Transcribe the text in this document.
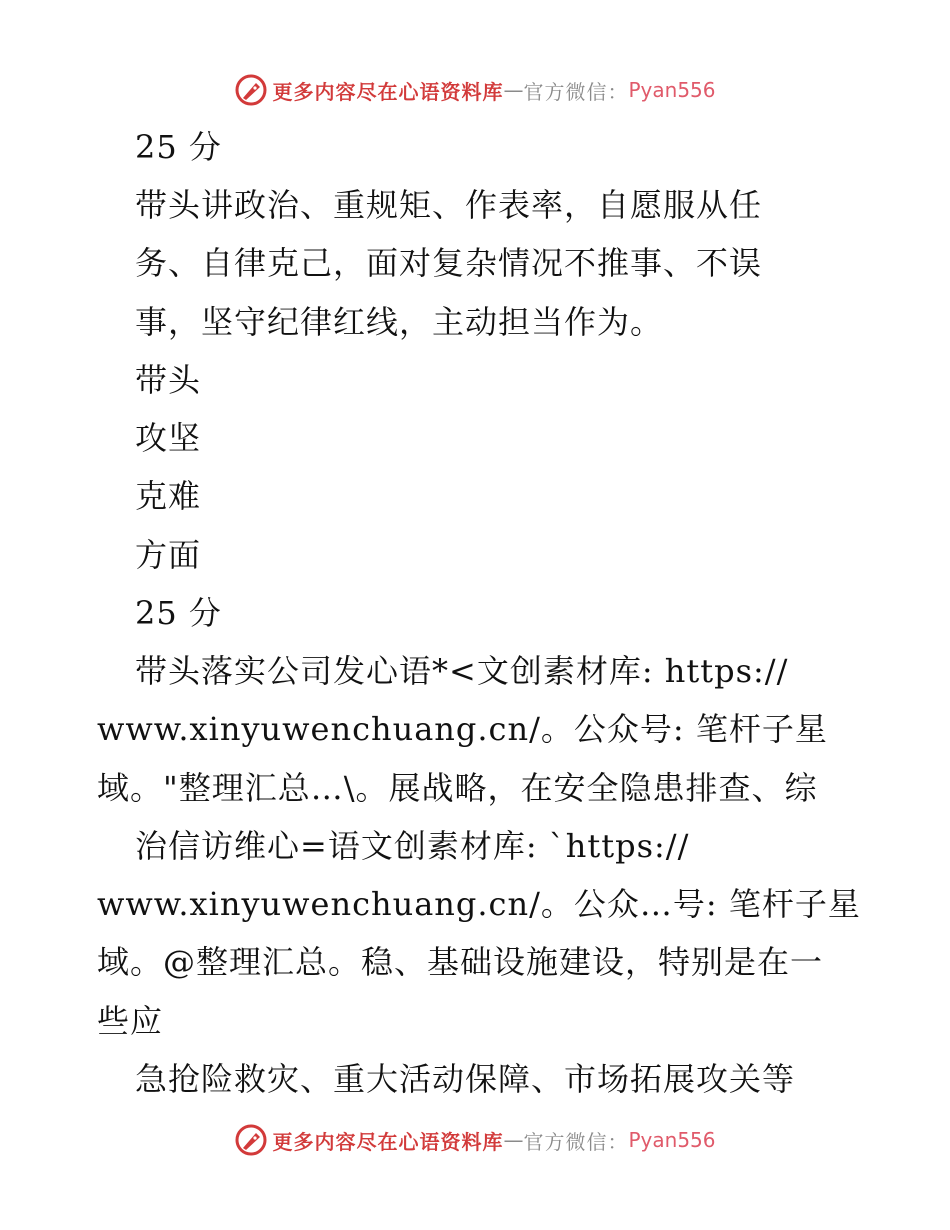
更多内容尽在心语资料库 — 官方微信： Pyan556
25 分
带头讲政治、重规矩、作表率，自愿服从任
务、自律克己，面对复杂情况不推事、不误
事，坚守纪律红线，主动担当作为。
带头
攻坚
克难
方面
25 分
带头落实公司发心语*<文创素材库: https://
www.xinyuwenchuang.cn/。公众号: 笔杆子星
域。"整理汇总…\。展战略，在安全隐患排查、综
治信访维心=语文创素材库: `https://
www.xinyuwenchuang.cn/。公众…号: 笔杆子星
域。@整理汇总。稳、基础设施建设，特别是在一
些应
急抢险救灾、重大活动保障、市场拓展攻关等
更多内容尽在心语资料库 — 官方微信： Pyan556
